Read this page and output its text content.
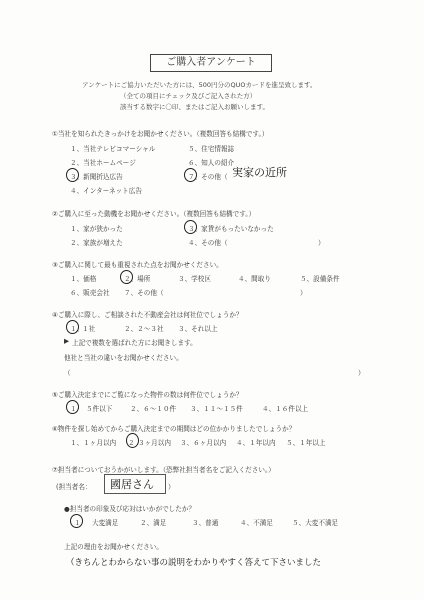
ご購入者アンケート
アンケートにご協力いただいた方には、500円分のQUOカードを進呈致します。
（全ての項目にチェック及びご記入された方）
該当する数字に〇印、またはご記入お願いします。
①当社を知られたきっかけをお聞かせください。（複数回答も結構です。）
１、当社テレビコマーシャル	５、住宅情報誌
２、当社ホームページ	６、知人の紹介
３、新聞折込広告	７、その他（ 実家の近所
４、インターネット広告
②ご購入に至った動機をお聞かせください。（複数回答も結構です。）
１、家が狭かった	３、家賃がもったいなかった
２、家族が増えた	４、その他（	）
③ご購入に関して最も重視された点をお聞かせください。
１、価格	２、場所	３、学校区	４、間取り	５、設備条件
６、販売会社 ７、その他（	）
④ご購入に際し、ご相談された不動産会社は何社位でしょうか？
１、
１社	２、２〜３社 ３、それ以上
▶ 上記で複数を選ばれた方にお聞きします。
他社と当社の違いをお聞かせください。
（	）
⑤ご購入決定までにご覧になった物件の数は何件位でしょうか？
１ ５件以下	２、６〜１０件 ３、１１〜１５件	４、１６件以上
⑥物件を探し始めてからご購入決定までの期間はどの位かかりましたでしょうか？
１、１ヶ月以内 ２ ３ヶ月以内 ３、６ヶ月以内 ４、１年以内 ５、１年以上
⑦担当者についておうかがいします。（恐弊社担当者名をご記入ください。）
(担当者名： 國居さん ）
●担当者の印象及び応対はいかがでしたか？
１ 大変満足	２、満足	３、普通	４、不満足	５、大変不満足
上記の理由をお聞かせください。
（きちんとわからない事の説明をわかりやすく答えて下さいました
